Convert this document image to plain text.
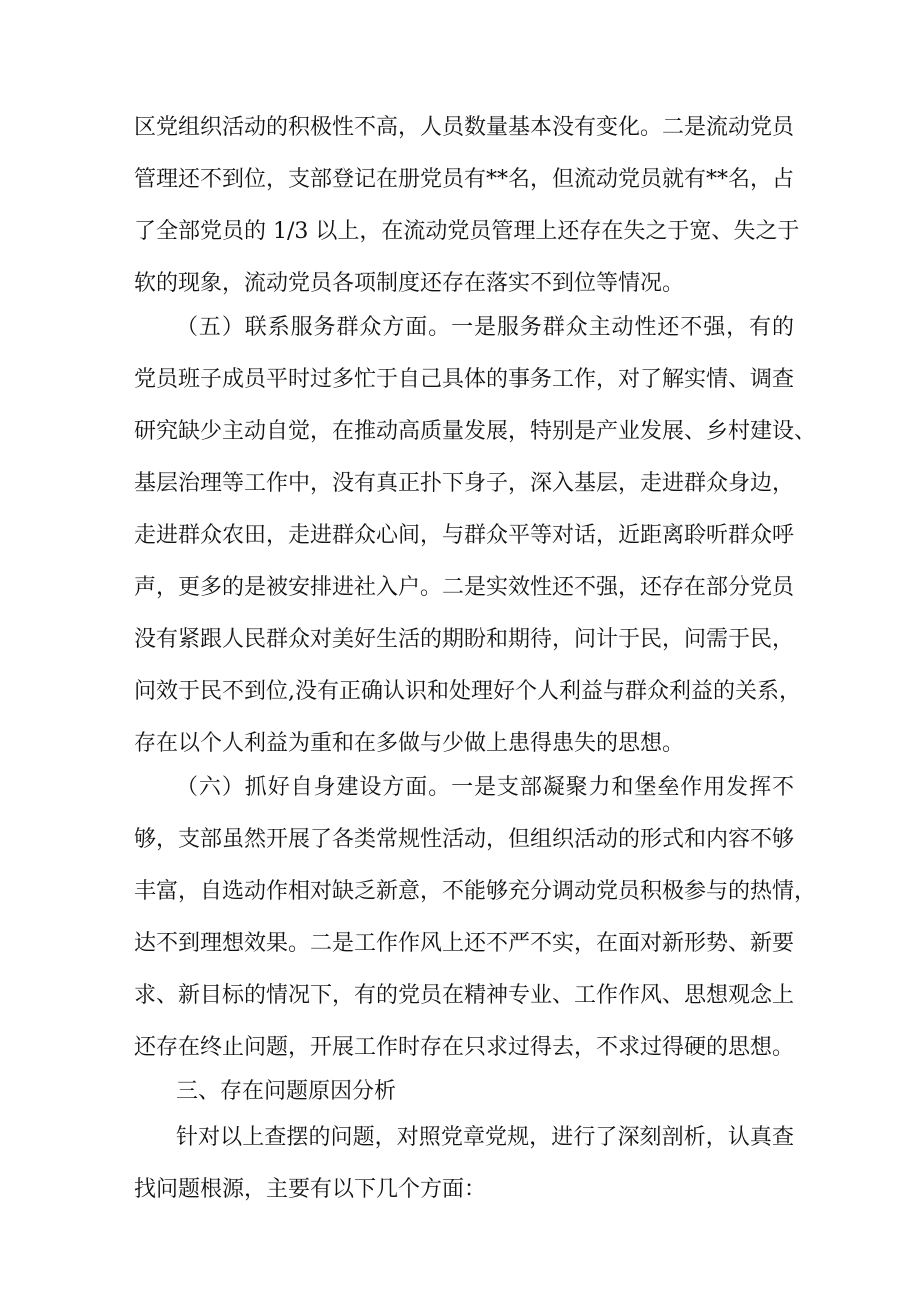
区党组织活动的积极性不高，人员数量基本没有变化。二是流动党员
管理还不到位，支部登记在册党员有**名，但流动党员就有**名，占
了全部党员的 1/3 以上，在流动党员管理上还存在失之于宽、失之于
软的现象，流动党员各项制度还存在落实不到位等情况。
（五）联系服务群众方面。一是服务群众主动性还不强，有的
党员班子成员平时过多忙于自己具体的事务工作，对了解实情、调查
研究缺少主动自觉，在推动高质量发展，特别是产业发展、乡村建设、
基层治理等工作中，没有真正扑下身子，深入基层，走进群众身边，
走进群众农田，走进群众心间，与群众平等对话，近距离聆听群众呼
声，更多的是被安排进社入户。二是实效性还不强，还存在部分党员
没有紧跟人民群众对美好生活的期盼和期待，问计于民，问需于民，
问效于民不到位,没有正确认识和处理好个人利益与群众利益的关系，
存在以个人利益为重和在多做与少做上患得患失的思想。
（六）抓好自身建设方面。一是支部凝聚力和堡垒作用发挥不
够，支部虽然开展了各类常规性活动，但组织活动的形式和内容不够
丰富，自选动作相对缺乏新意，不能够充分调动党员积极参与的热情，
达不到理想效果。二是工作作风上还不严不实，在面对新形势、新要
求、新目标的情况下，有的党员在精神专业、工作作风、思想观念上
还存在终止问题，开展工作时存在只求过得去，不求过得硬的思想。
三、存在问题原因分析
针对以上查摆的问题，对照党章党规，进行了深刻剖析，认真查
找问题根源，主要有以下几个方面：
